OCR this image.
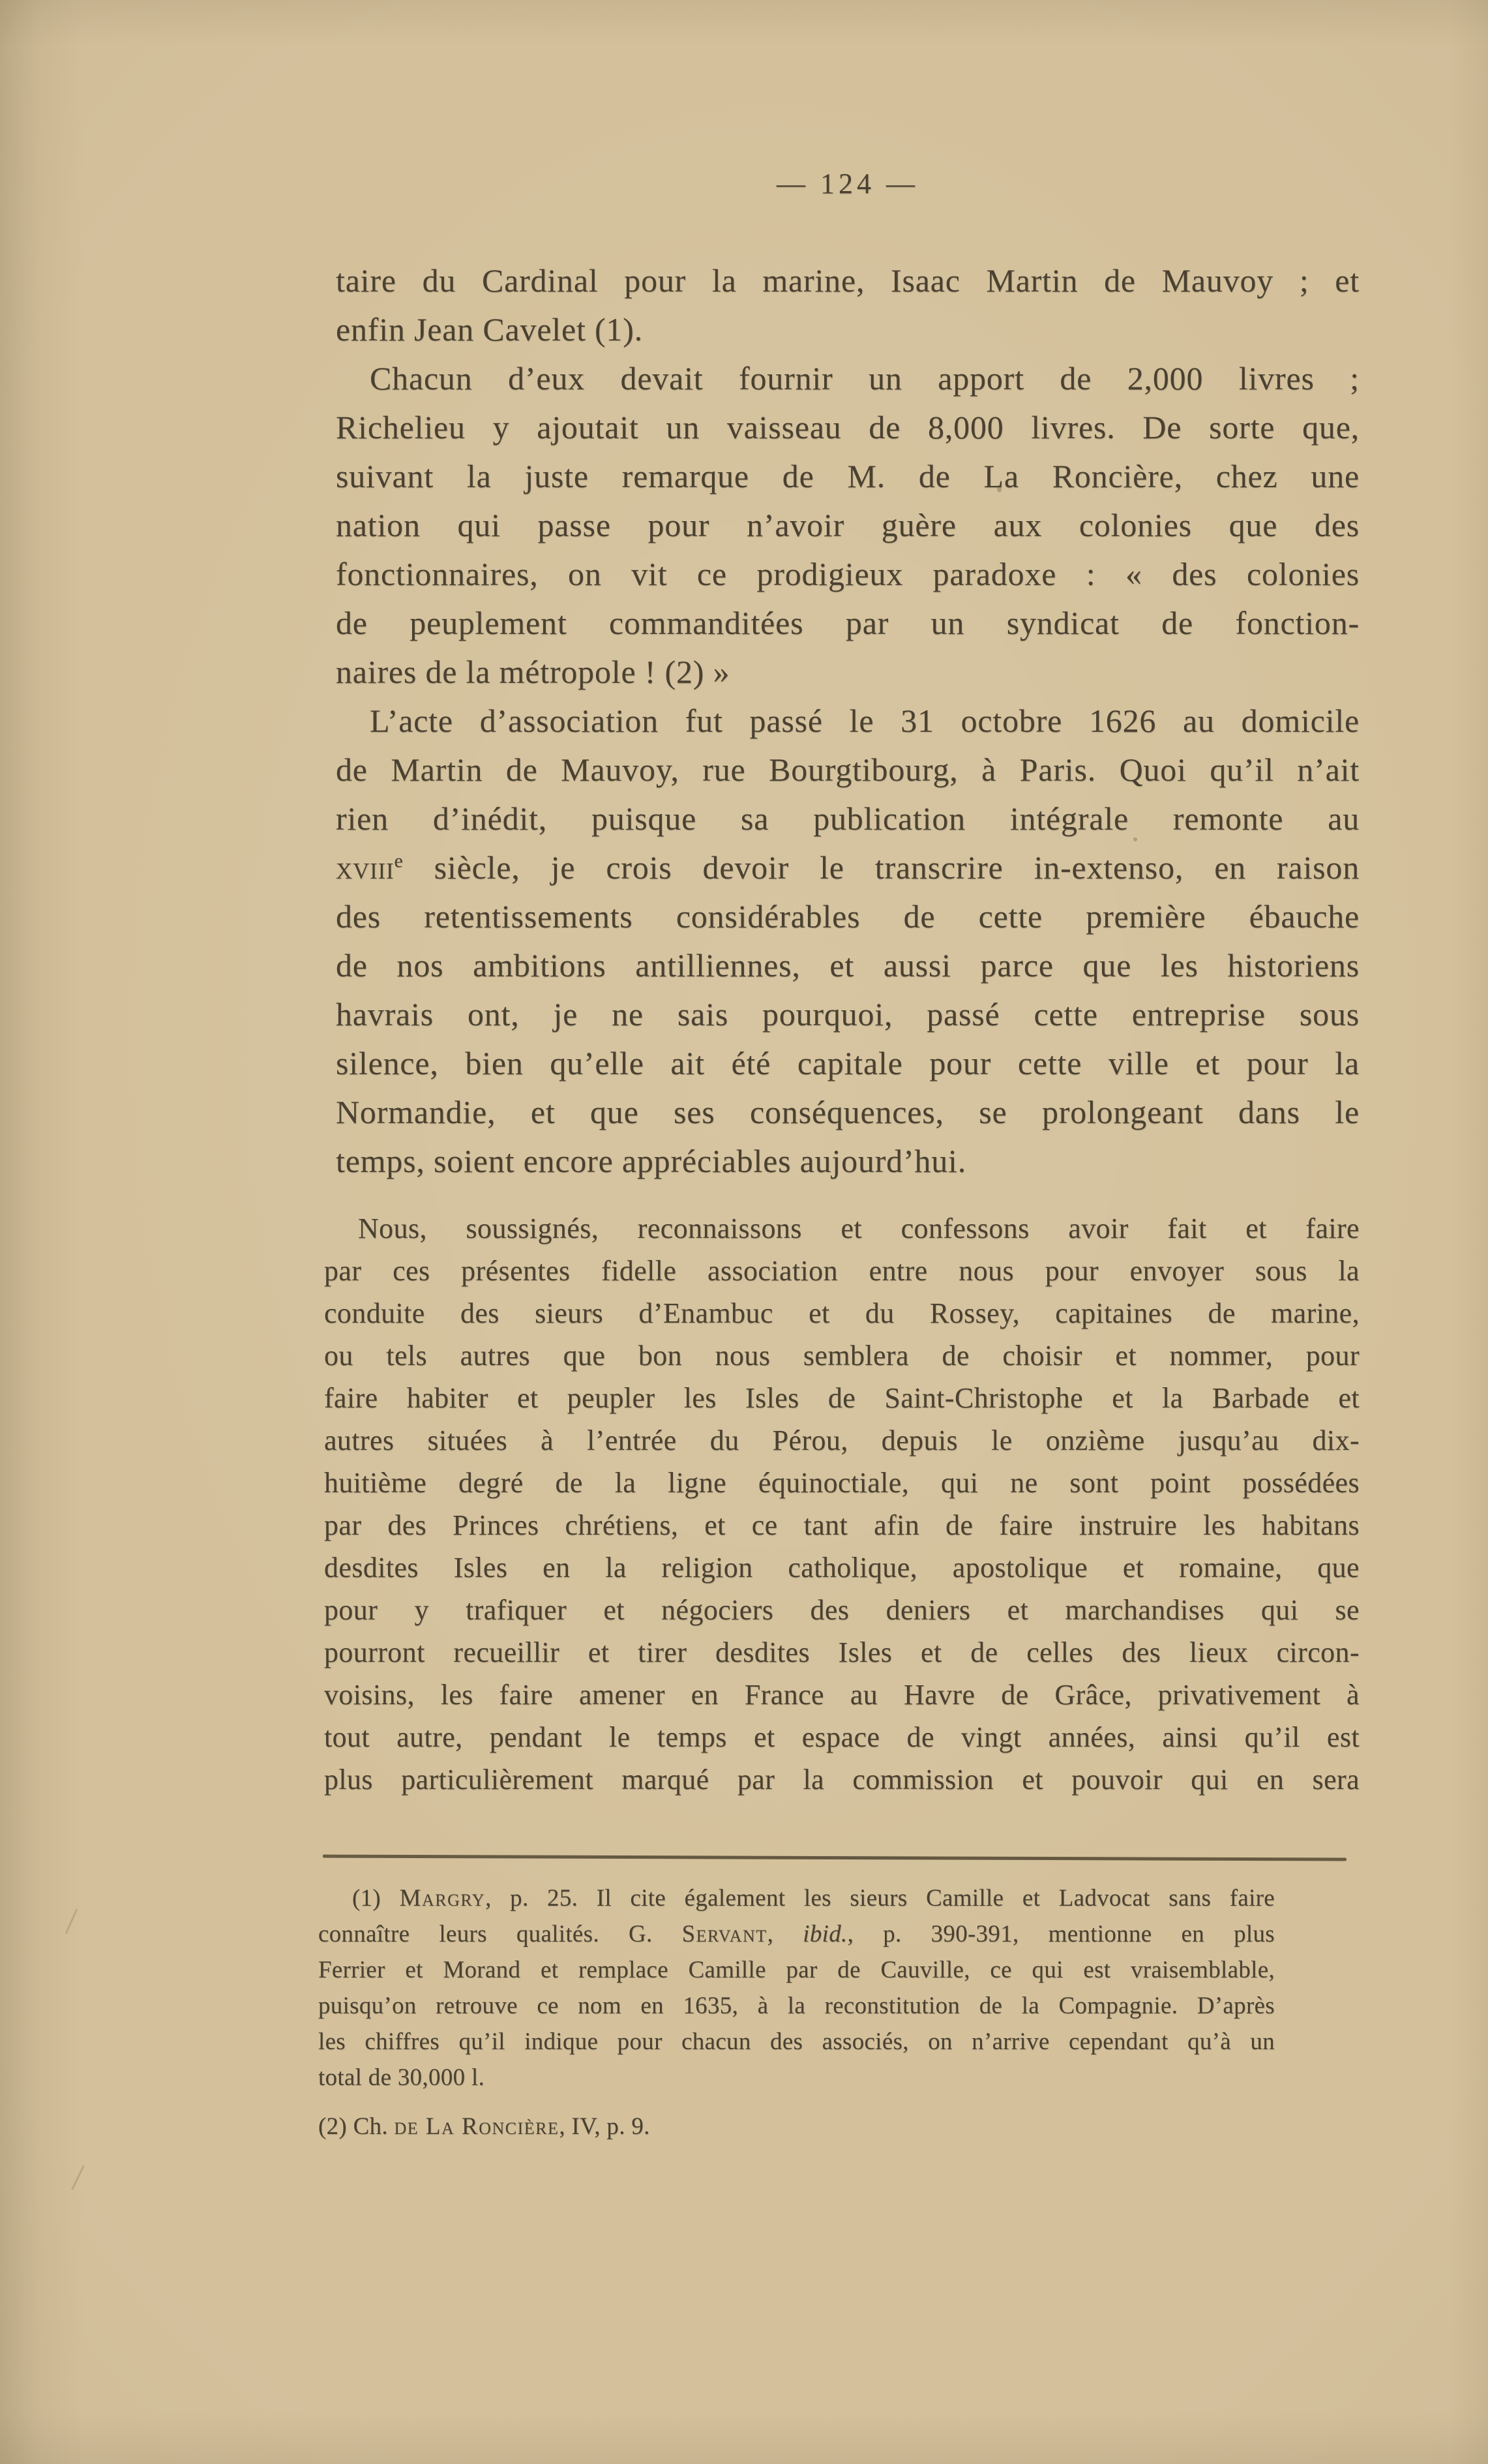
— 124 —
taire du Cardinal pour la marine, Isaac Martin de Mauvoy ; et
enfin Jean Cavelet (1).
Chacun d’eux devait fournir un apport de 2,000 livres ;
Richelieu y ajoutait un vaisseau de 8,000 livres. De sorte que,
suivant la juste remarque de M. de La Roncière, chez une
nation qui passe pour n’avoir guère aux colonies que des
fonctionnaires, on vit ce prodigieux paradoxe : « des colonies
de peuplement commanditées par un syndicat de fonction-
naires de la métropole ! (2) »
L’acte d’association fut passé le 31 octobre 1626 au domicile
de Martin de Mauvoy, rue Bourgtibourg, à Paris. Quoi qu’il n’ait
rien d’inédit, puisque sa publication intégrale remonte au
xviii$^e$ siècle, je crois devoir le transcrire in-extenso, en raison
des retentissements considérables de cette première ébauche
de nos ambitions antilliennes, et aussi parce que les historiens
havrais ont, je ne sais pourquoi, passé cette entreprise sous
silence, bien qu’elle ait été capitale pour cette ville et pour la
Normandie, et que ses conséquences, se prolongeant dans le
temps, soient encore appréciables aujourd’hui.
Nous, soussignés, reconnaissons et confessons avoir fait et faire
par ces présentes fidelle association entre nous pour envoyer sous la
conduite des sieurs d’Enambuc et du Rossey, capitaines de marine,
ou tels autres que bon nous semblera de choisir et nommer, pour
faire habiter et peupler les Isles de Saint-Christophe et la Barbade et
autres situées à l’entrée du Pérou, depuis le onzième jusqu’au dix-
huitième degré de la ligne équinoctiale, qui ne sont point possédées
par des Princes chrétiens, et ce tant afin de faire instruire les habitans
desdites Isles en la religion catholique, apostolique et romaine, que
pour y trafiquer et négociers des deniers et marchandises qui se
pourront recueillir et tirer desdites Isles et de celles des lieux circon-
voisins, les faire amener en France au Havre de Grâce, privativement à
tout autre, pendant le temps et espace de vingt années, ainsi qu’il est
plus particulièrement marqué par la commission et pouvoir qui en sera
(1) Margry, p. 25. Il cite également les sieurs Camille et Ladvocat sans faire
connaître leurs qualités. G. Servant, ibid., p. 390-391, mentionne en plus
Ferrier et Morand et remplace Camille par de Cauville, ce qui est vraisemblable,
puisqu’on retrouve ce nom en 1635, à la reconstitution de la Compagnie. D’après
les chiffres qu’il indique pour chacun des associés, on n’arrive cependant qu’à un
total de 30,000 l.
(2) Ch. de La Roncière, IV, p. 9.
